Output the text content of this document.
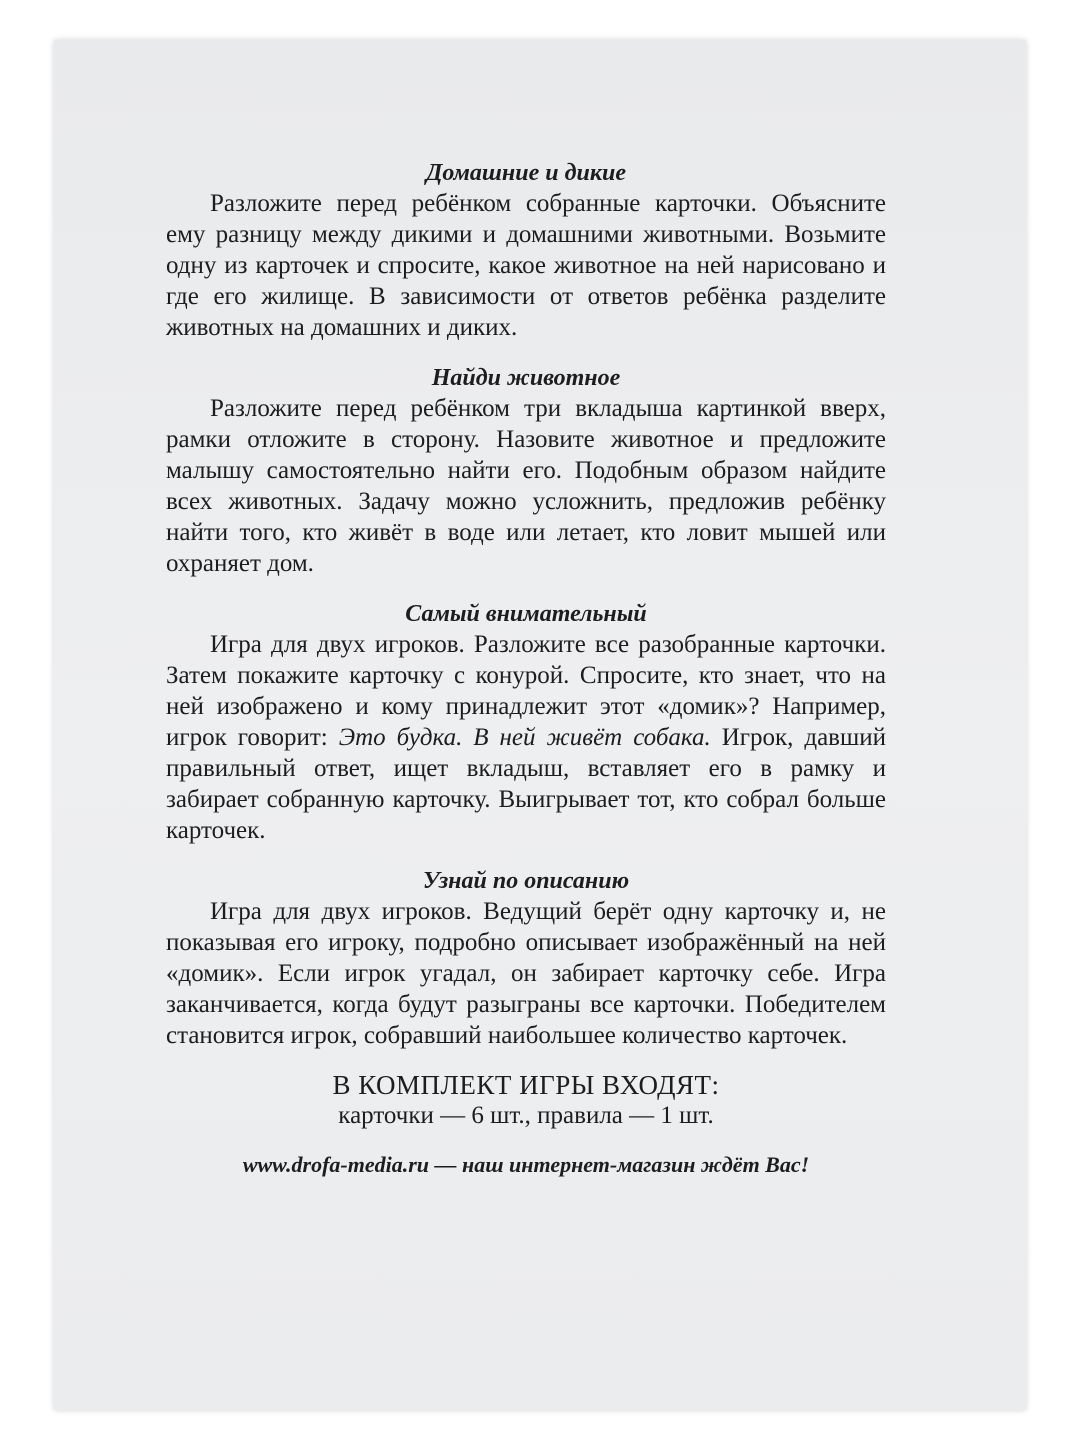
Домашние и дикие

Разложите перед ребёнком собранные карточки. Объясните ему разницу между дикими и домашними животными. Возьмите одну из карточек и спросите, какое животное на ней нарисовано и где его жилище. В зависимости от ответов ребёнка разделите животных на домашних и диких.

Найди животное

Разложите перед ребёнком три вкладыша картинкой вверх, рамки отложите в сторону. Назовите животное и предложите малышу самостоятельно найти его. Подобным образом найдите всех животных. Задачу можно усложнить, предложив ребёнку найти того, кто живёт в воде или летает, кто ловит мышей или охраняет дом.

Самый внимательный

Игра для двух игроков. Разложите все разобранные карточки. Затем покажите карточку с конурой. Спросите, кто знает, что на ней изображено и кому принадлежит этот «домик»? Например, игрок говорит: Это будка. В ней живёт собака. Игрок, давший правильный ответ, ищет вкладыш, вставляет его в рамку и забирает собранную карточку. Выигрывает тот, кто собрал больше карточек.

Узнай по описанию

Игра для двух игроков. Ведущий берёт одну карточку и, не показывая его игроку, подробно описывает изображённый на ней «домик». Если игрок угадал, он забирает карточку себе. Игра заканчивается, когда будут разыграны все карточки. Победителем становится игрок, собравший наибольшее количество карточек.

В КОМПЛЕКТ ИГРЫ ВХОДЯТ:

карточки — 6 шт., правила — 1 шт.

www.drofa-media.ru — наш интернет-магазин ждёт Вас!
